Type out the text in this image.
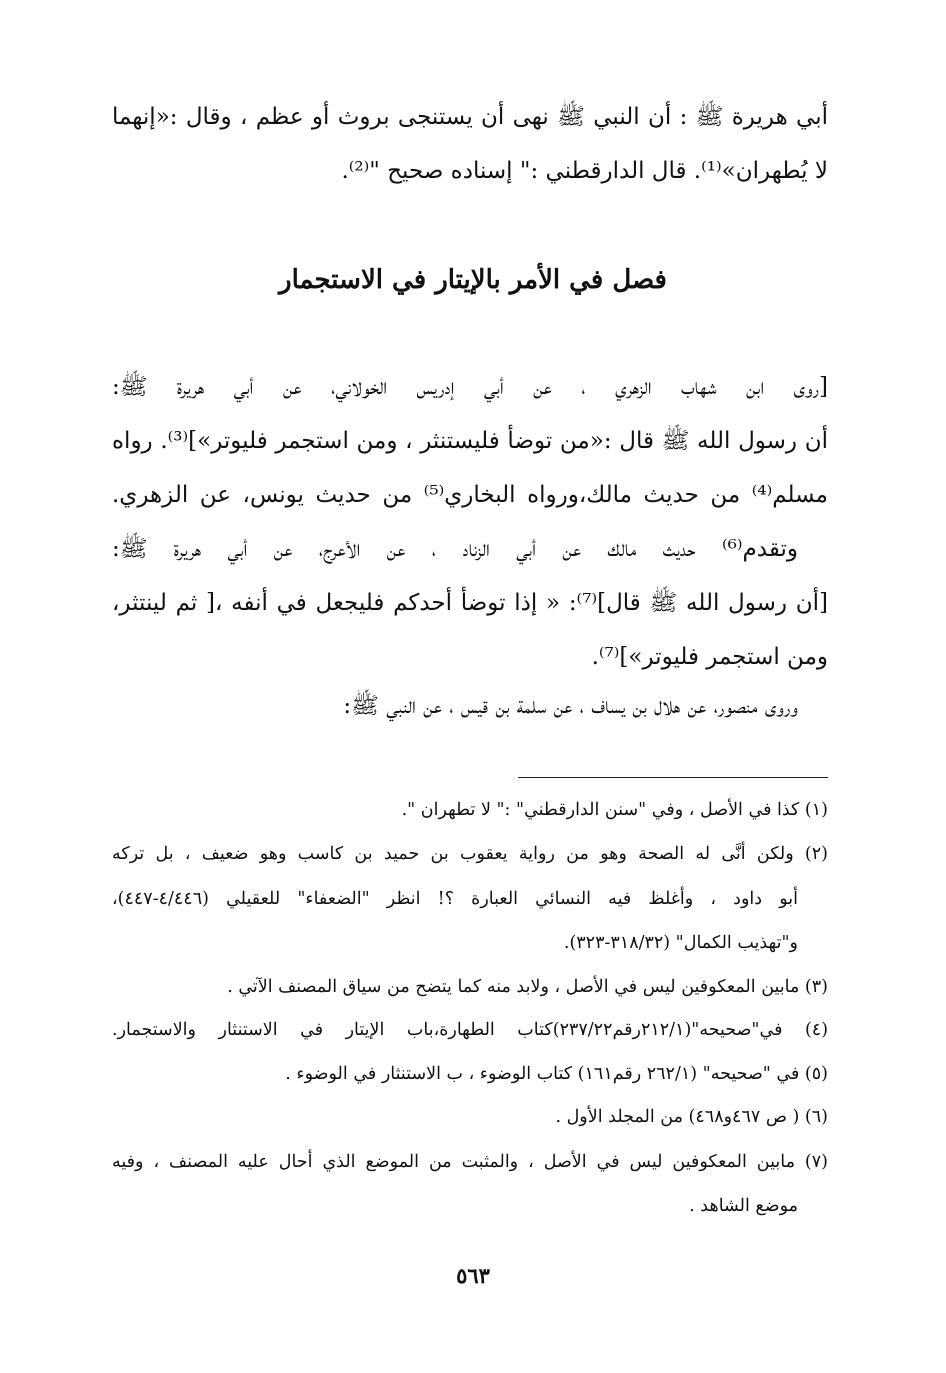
أبي هريرة ﷺ : أن النبي ﷺ نهى أن يستنجى بروث أو عظم ، وقال :«إنهما
لا يُطهران»⁽¹⁾. قال الدارقطني :" إسناده صحيح "⁽²⁾.
فصل في الأمر بالإيتار في الاستجمار
[روى ابن شهاب الزهري ، عن أبي إدريس الخولاني، عن أبي هريرة ﷺ:
أن رسول الله ﷺ قال :«من توضأ فليستنثر ، ومن استجمر فليوتر»]⁽³⁾. رواه
مسلم⁽⁴⁾ من حديث مالك،ورواه البخاري⁽⁵⁾ من حديث يونس، عن الزهري.
وتقدم⁽⁶⁾ حديث مالك عن أبي الزناد ، عن الأعرج، عن أبي هريرة ﷺ:
[أن رسول الله ﷺ قال]⁽⁷⁾: « إذا توضأ أحدكم فليجعل في أنفه ،[ ثم لينتثر،
ومن استجمر فليوتر»]⁽⁷⁾.
وروى منصور، عن هلال بن يساف ، عن سلمة بن قيس ، عن النبي ﷺ:
(١) كذا في الأصل ، وفي "سنن الدارقطني" :" لا تطهران ".
(٢) ولكن أنَّى له الصحة وهو من رواية يعقوب بن حميد بن كاسب وهو ضعيف ، بل تركه
أبو داود ، وأغلظ فيه النسائي العبارة ؟! انظر "الضعفاء" للعقيلي (٤/٤٤٦-٤٤٧)،
و"تهذيب الكمال" (٣١٨/٣٢-٣٢٣).
(٣) مابين المعكوفين ليس في الأصل ، ولابد منه كما يتضح من سياق المصنف الآتي .
(٤) في"صحيحه"(٢١٢/١رقم٢٣٧/٢٢)كتاب الطهارة،باب الإيتار في الاستنثار والاستجمار.
(٥) في "صحيحه" (٢٦٢/١ رقم١٦١) كتاب الوضوء ، ب الاستنثار في الوضوء .
(٦) ( ص ٤٦٧و٤٦٨) من المجلد الأول .
(٧) مابين المعكوفين ليس في الأصل ، والمثبت من الموضع الذي أحال عليه المصنف ، وفيه
موضع الشاهد .
٥٦٣
